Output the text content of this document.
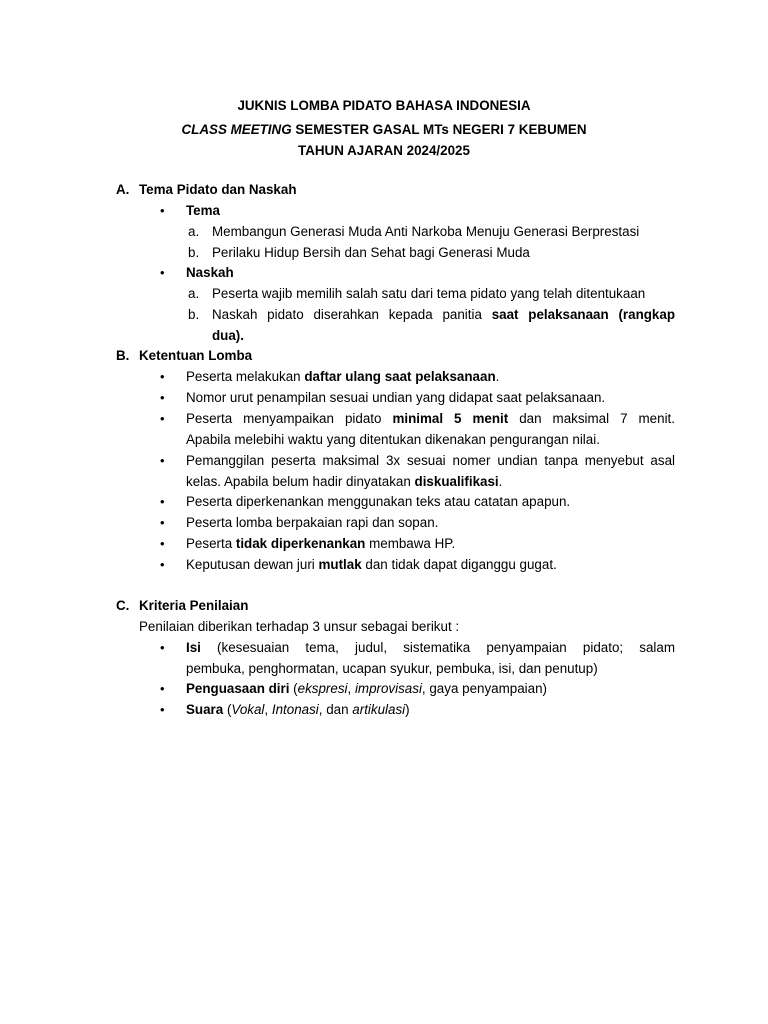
JUKNIS LOMBA PIDATO BAHASA INDONESIA
CLASS MEETING SEMESTER GASAL MTs NEGERI 7 KEBUMEN
TAHUN AJARAN 2024/2025
A. Tema Pidato dan Naskah
• Tema
a. Membangun Generasi Muda Anti Narkoba Menuju Generasi Berprestasi
b. Perilaku Hidup Bersih dan Sehat bagi Generasi Muda
• Naskah
a. Peserta wajib memilih salah satu dari tema pidato yang telah ditentukaan
b. Naskah pidato diserahkan kepada panitia saat pelaksanaan (rangkap
dua).
B. Ketentuan Lomba
• Peserta melakukan daftar ulang saat pelaksanaan.
• Nomor urut penampilan sesuai undian yang didapat saat pelaksanaan.
• Peserta menyampaikan pidato minimal 5 menit dan maksimal 7 menit.
Apabila melebihi waktu yang ditentukan dikenakan pengurangan nilai.
• Pemanggilan peserta maksimal 3x sesuai nomer undian tanpa menyebut asal
kelas. Apabila belum hadir dinyatakan diskualifikasi.
• Peserta diperkenankan menggunakan teks atau catatan apapun.
• Peserta lomba berpakaian rapi dan sopan.
• Peserta tidak diperkenankan membawa HP.
• Keputusan dewan juri mutlak dan tidak dapat diganggu gugat.
C. Kriteria Penilaian
Penilaian diberikan terhadap 3 unsur sebagai berikut :
• Isi (kesesuaian tema, judul, sistematika penyampaian pidato; salam
pembuka, penghormatan, ucapan syukur, pembuka, isi, dan penutup)
• Penguasaan diri (ekspresi, improvisasi, gaya penyampaian)
• Suara (Vokal, Intonasi, dan artikulasi)
